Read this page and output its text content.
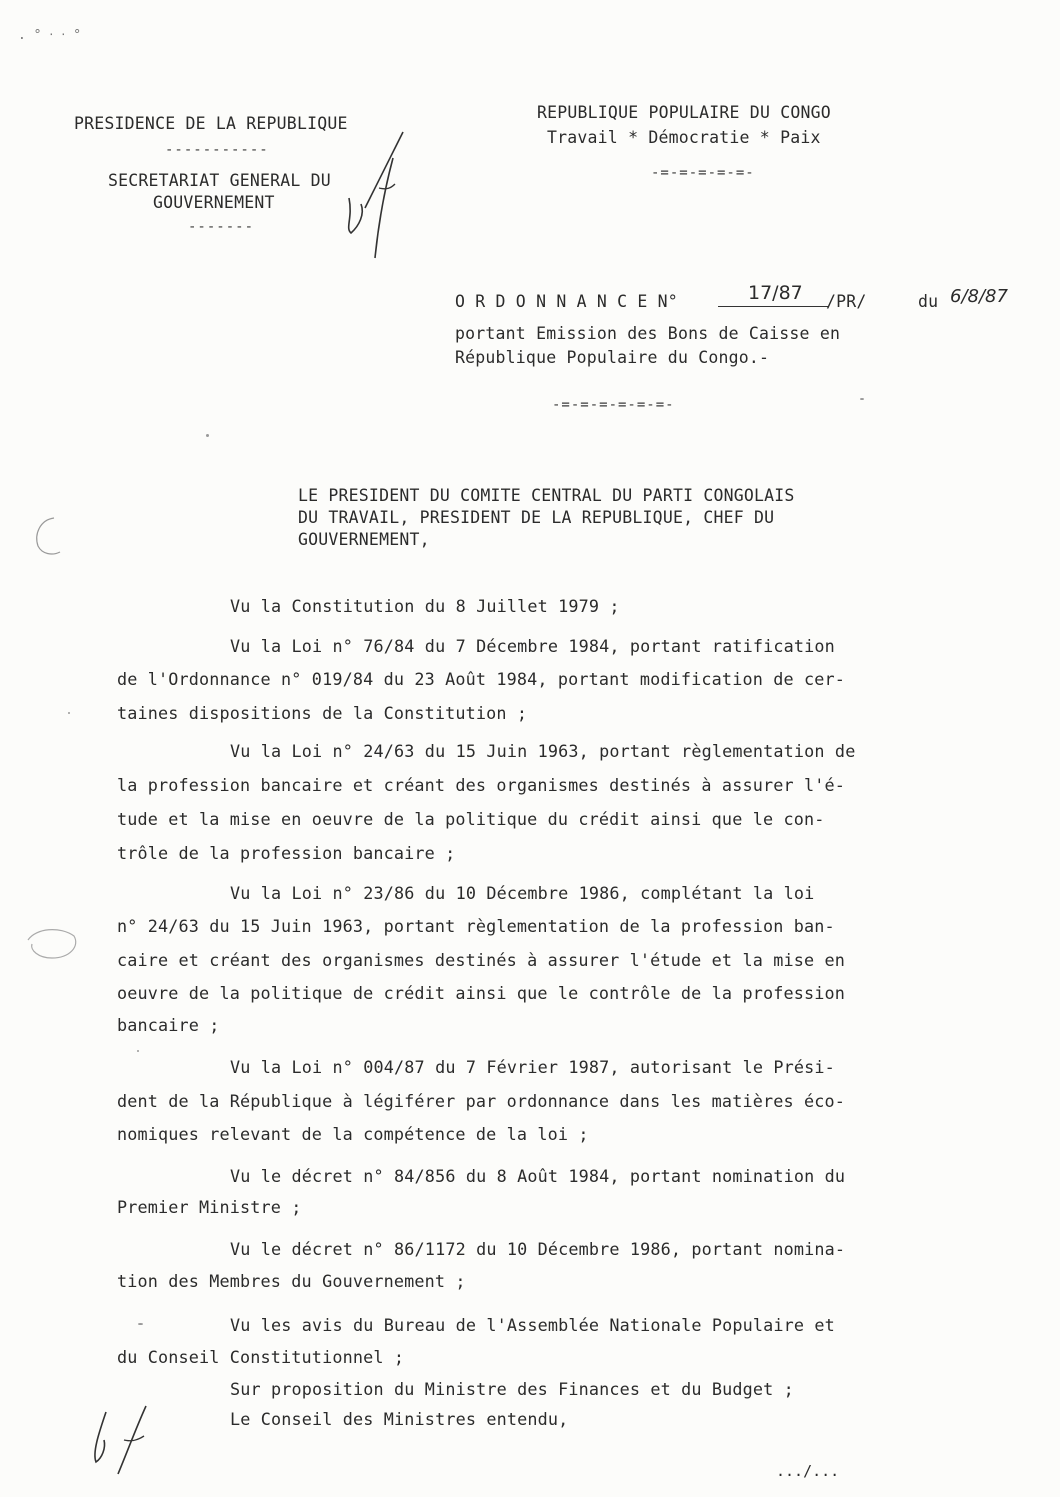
. ° ‧ ‧ °
PRESIDENCE DE LA REPUBLIQUE
-----------
SECRETARIAT GENERAL DU
GOUVERNEMENT
-------
REPUBLIQUE POPULAIRE DU CONGO
Travail * Démocratie * Paix
-=-=-=-=-=-
O R D O N N A N C E N°	17/87 /PR/	du 6/8/87
portant Emission des Bons de Caisse en
République Populaire du Congo.-
-=-=-=-=-=-=-
LE PRESIDENT DU COMITE CENTRAL DU PARTI CONGOLAIS
DU TRAVAIL, PRESIDENT DE LA REPUBLIQUE, CHEF DU
GOUVERNEMENT,
Vu la Constitution du 8 Juillet 1979 ;
Vu la Loi n° 76/84 du 7 Décembre 1984, portant ratification
de l'Ordonnance n° 019/84 du 23 Août 1984, portant modification de cer-
taines dispositions de la Constitution ;
Vu la Loi n° 24/63 du 15 Juin 1963, portant règlementation de
la profession bancaire et créant des organismes destinés à assurer l'é-
tude et la mise en oeuvre de la politique du crédit ainsi que le con-
trôle de la profession bancaire ;
Vu la Loi n° 23/86 du 10 Décembre 1986, complétant la loi
n° 24/63 du 15 Juin 1963, portant règlementation de la profession ban-
caire et créant des organismes destinés à assurer l'étude et la mise en
oeuvre de la politique de crédit ainsi que le contrôle de la profession
bancaire ;
Vu la Loi n° 004/87 du 7 Février 1987, autorisant le Prési-
dent de la République à légiférer par ordonnance dans les matières éco-
nomiques relevant de la compétence de la loi ;
Vu le décret n° 84/856 du 8 Août 1984, portant nomination du
Premier Ministre ;
Vu le décret n° 86/1172 du 10 Décembre 1986, portant nomina-
tion des Membres du Gouvernement ;
Vu les avis du Bureau de l'Assemblée Nationale Populaire et
du Conseil Constitutionnel ;
Sur proposition du Ministre des Finances et du Budget ;
Le Conseil des Ministres entendu,
.../...
